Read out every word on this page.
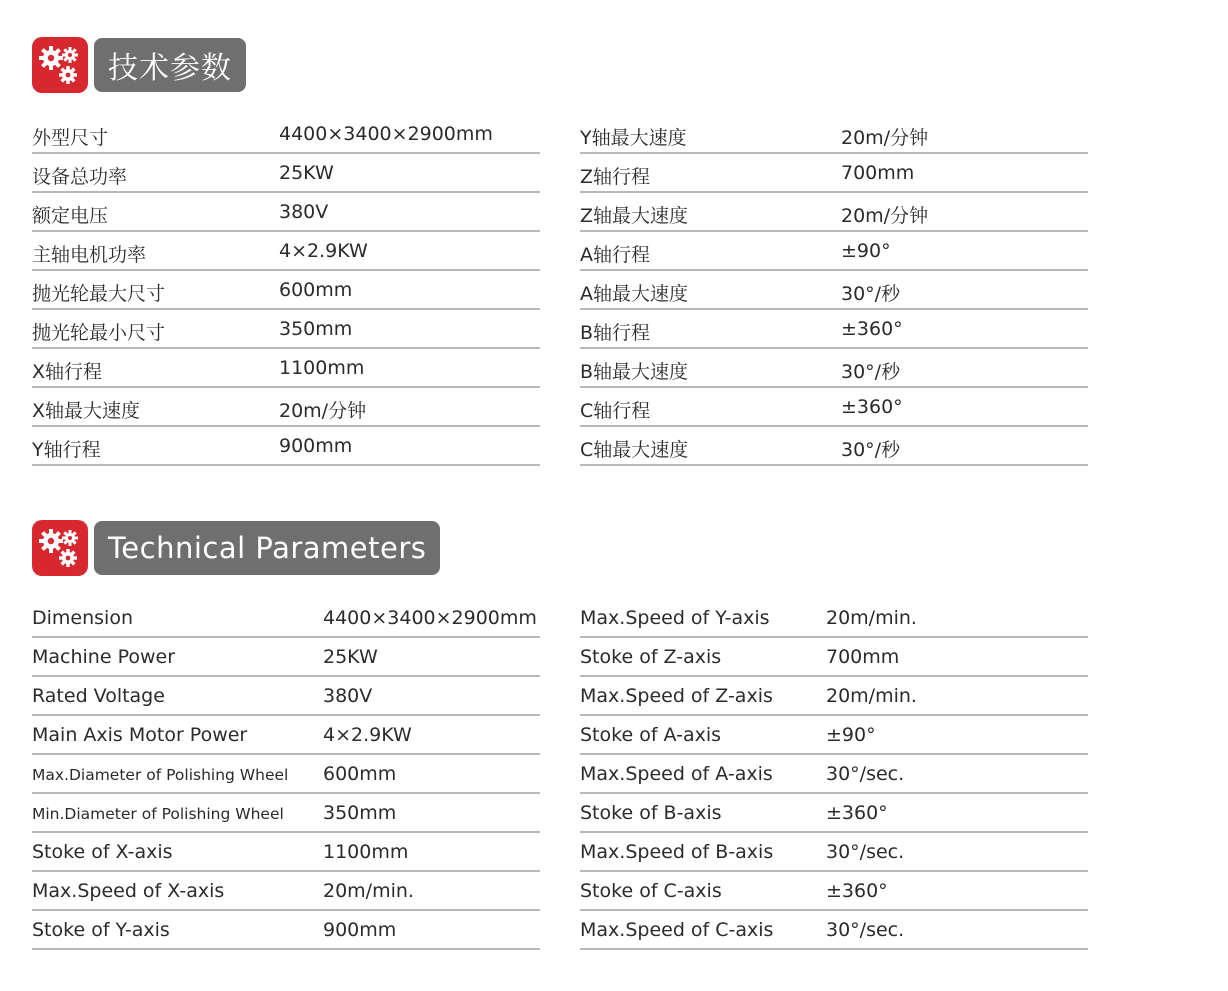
技术参数
外型尺寸	4400×3400×2900mm
设备总功率	25KW
额定电压	380V
主轴电机功率	4×2.9KW
抛光轮最大尺寸	600mm
抛光轮最小尺寸	350mm
X轴行程	1100mm
X轴最大速度	20m/分钟
Y轴行程	900mm
Y轴最大速度	20m/分钟
Z轴行程	700mm
Z轴最大速度	20m/分钟
A轴行程	±90°
A轴最大速度	30°/秒
B轴行程	±360°
B轴最大速度	30°/秒
C轴行程	±360°
C轴最大速度	30°/秒
Technical Parameters
Dimension	4400×3400×2900mm
Machine Power	25KW
Rated Voltage	380V
Main Axis Motor Power	4×2.9KW
Max.Diameter of Polishing Wheel 600mm
Min.Diameter of Polishing Wheel 350mm
Stoke of X-axis	1100mm
Max.Speed of X-axis	20m/min.
Stoke of Y-axis	900mm
Max.Speed of Y-axis	20m/min.
Stoke of Z-axis	700mm
Max.Speed of Z-axis	20m/min.
Stoke of A-axis	±90°
Max.Speed of A-axis	30°/sec.
Stoke of B-axis	±360°
Max.Speed of B-axis	30°/sec.
Stoke of C-axis	±360°
Max.Speed of C-axis	30°/sec.
